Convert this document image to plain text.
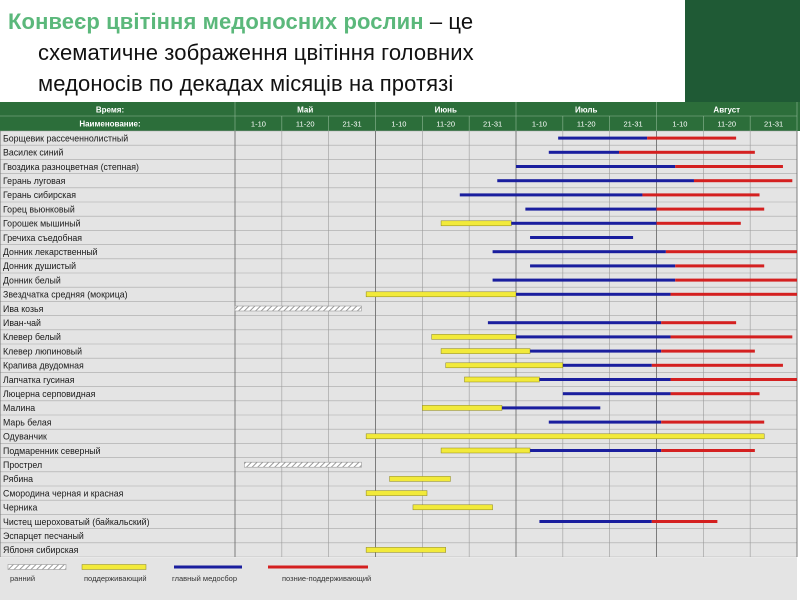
Время:
Наименование:
Май	Июнь	Июль	Август
1-10	11-20	21-31	1-10	11-20	21-31	1-10	11-20	21-31	1-10	11-20	21-31
Борщевик рассеченнолистный
Василек синий
Гвоздика разноцветная (степная)
Герань луговая
Герань сибирская
Горец вьюнковый
Горошек мышиный
Гречиха съедобная
Донник лекарственный
Донник душистый
Донник белый
Звездчатка средняя (мокрица)
Ива козья
Иван-чай
Клевер белый
Клевер люпиновый
Крапива двудомная
Лапчатка гусиная
Люцерна серповидная
Малина
Марь белая
Одуванчик
Подмаренник северный
Прострел
Рябина
Смородина черная и красная
Черника
Чистец шероховатый (байкальский)
Эспарцет песчаный
Яблоня сибирская
ранний	поддерживающий	главный медосбор	позние-поддерживающий
Конвеєр цвітіння медоносних рослин – це
схематичне зображення цвітіння головних
медоносів по декадах місяців на протязі
